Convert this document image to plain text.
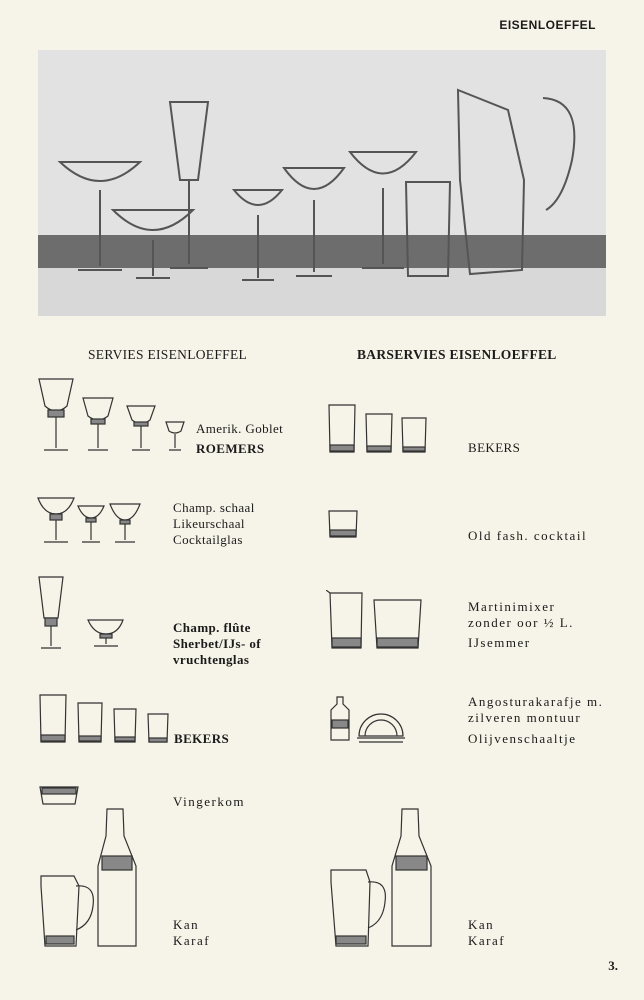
EISENLOEFFEL
SERVIES EISENLOEFFEL	BARSERVIES EISENLOEFFEL
Amerik. Goblet
ROEMERS
Champ. schaal
Likeurschaal
Cocktailglas
Champ. flûte
Sherbet/IJs- of
vruchtenglas
BEKERS
Vingerkom
Kan
Karaf
BEKERS
Old fash. cocktail
Martinimixer
zonder oor ½ L.
IJsemmer
Angosturakarafje m.
zilveren montuur
Olijvenschaaltje
Kan
Karaf
3.
